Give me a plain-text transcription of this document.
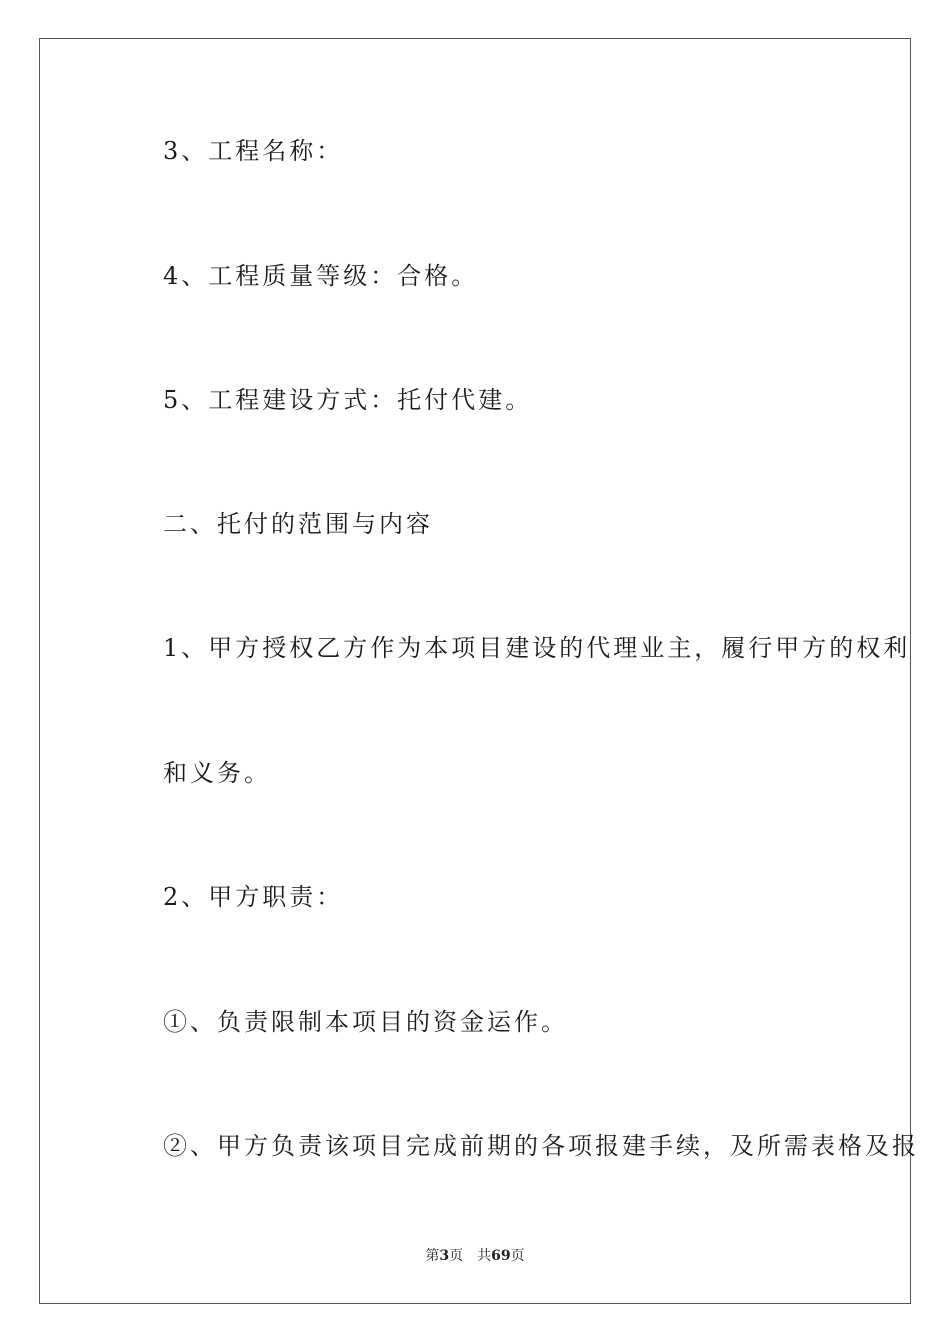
3、工程名称：
4、工程质量等级：合格。
5、工程建设方式：托付代建。
二、托付的范围与内容
1、甲方授权乙方作为本项目建设的代理业主，履行甲方的权利
和义务。
2、甲方职责：
①、负责限制本项目的资金运作。
②、甲方负责该项目完成前期的各项报建手续，及所需表格及报
第3页 共69页
